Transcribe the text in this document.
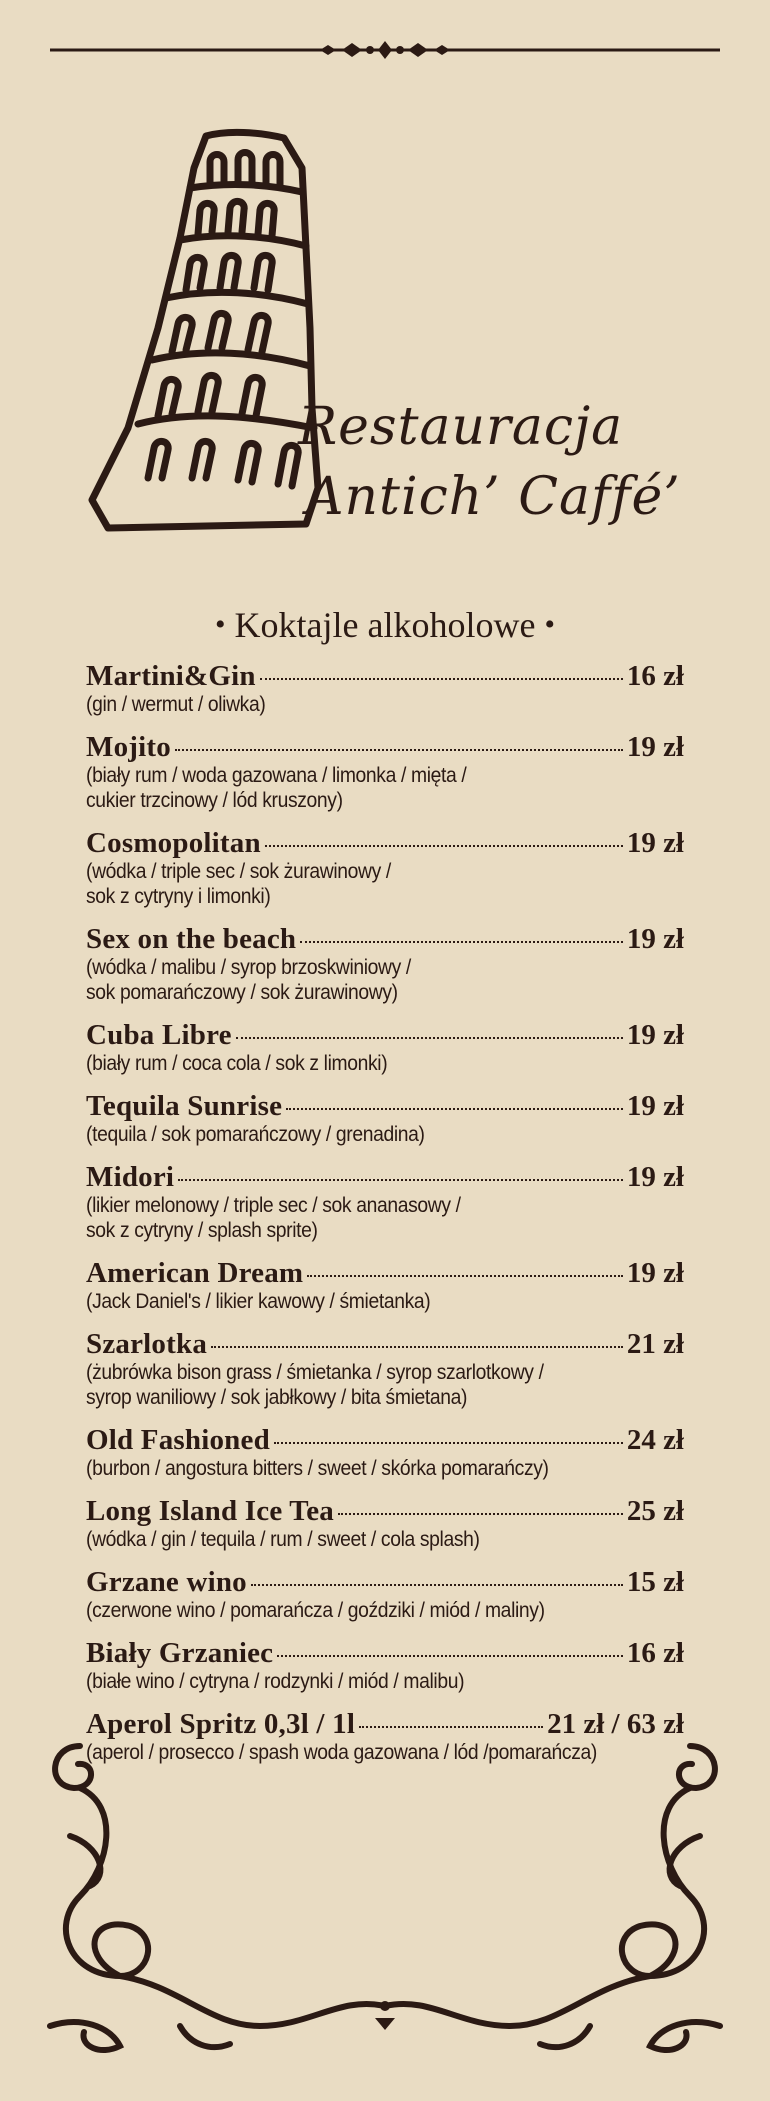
Restauracja
Antich’ Caffé’
• Koktajle alkoholowe •
Martini&Gin	16 zł
(gin / wermut / oliwka)
Mojito	19 zł
(biały rum / woda gazowana / limonka / mięta /
cukier trzcinowy / lód kruszony)
Cosmopolitan	19 zł
(wódka / triple sec / sok żurawinowy /
sok z cytryny i limonki)
Sex on the beach	19 zł
(wódka / malibu / syrop brzoskwiniowy /
sok pomarańczowy / sok żurawinowy)
Cuba Libre	19 zł
(biały rum / coca cola / sok z limonki)
Tequila Sunrise	19 zł
(tequila / sok pomarańczowy / grenadina)
Midori	19 zł
(likier melonowy / triple sec / sok ananasowy /
sok z cytryny / splash sprite)
American Dream	19 zł
(Jack Daniel's / likier kawowy / śmietanka)
Szarlotka	21 zł
(żubrówka bison grass / śmietanka / syrop szarlotkowy /
syrop waniliowy / sok jabłkowy / bita śmietana)
Old Fashioned	24 zł
(burbon / angostura bitters / sweet / skórka pomarańczy)
Long Island Ice Tea	25 zł
(wódka / gin / tequila / rum / sweet / cola splash)
Grzane wino	15 zł
(czerwone wino / pomarańcza / goździki / miód / maliny)
Biały Grzaniec	16 zł
(białe wino / cytryna / rodzynki / miód / malibu)
Aperol Spritz 0,3l / 1l	21 zł / 63 zł
(aperol / prosecco / spash woda gazowana / lód /pomarańcza)
